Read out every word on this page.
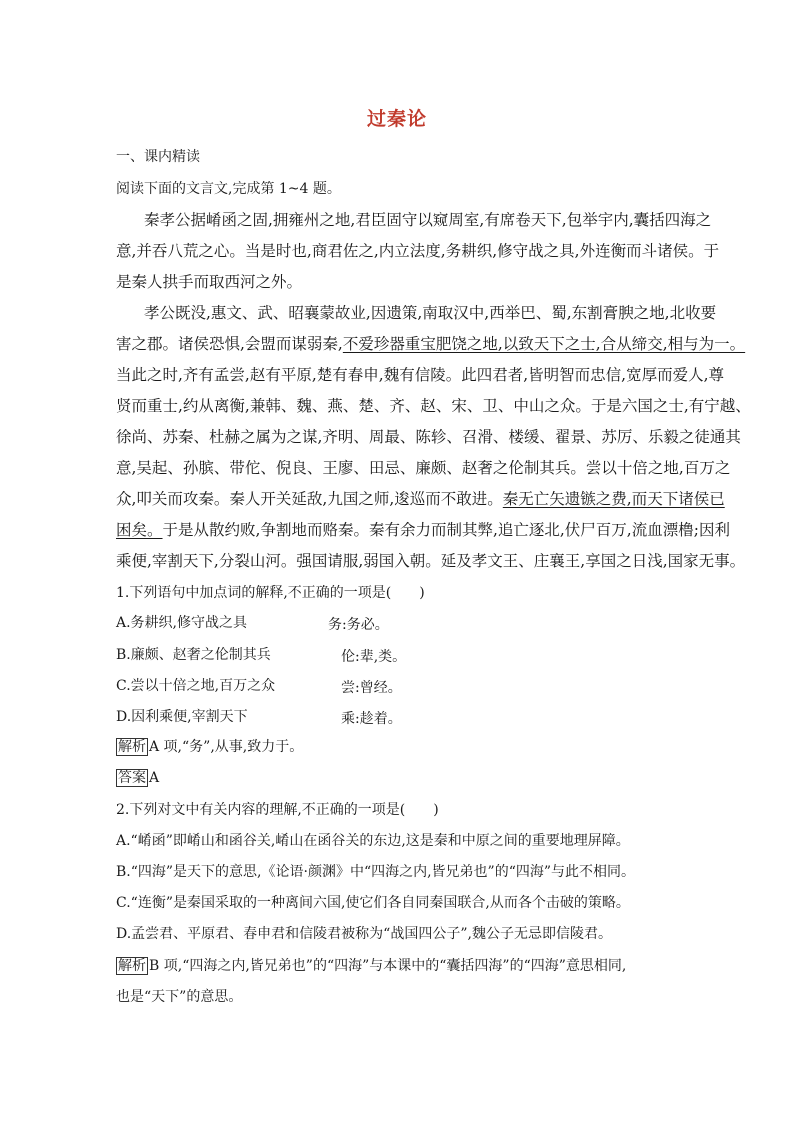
过秦论
一、课内精读
阅读下面的文言文,完成第 1~4 题。
秦孝公据崤函之固,拥雍州之地,君臣固守以窥周室,有席卷天下,包举宇内,囊括四海之
意,并吞八荒之心。当是时也,商君佐之,内立法度,务耕织,修守战之具,外连衡而斗诸侯。于
是秦人拱手而取西河之外。
孝公既没,惠文、武、昭襄蒙故业,因遗策,南取汉中,西举巴、蜀,东割膏腴之地,北收要
害之郡。诸侯恐惧,会盟而谋弱秦,不爱珍器重宝肥饶之地,以致天下之士,合从缔交,相与为一。
当此之时,齐有孟尝,赵有平原,楚有春申,魏有信陵。此四君者,皆明智而忠信,宽厚而爱人,尊
贤而重士,约从离衡,兼韩、魏、燕、楚、齐、赵、宋、卫、中山之众。于是六国之士,有宁越、
徐尚、苏秦、杜赫之属为之谋,齐明、周最、陈轸、召滑、楼缓、翟景、苏厉、乐毅之徒通其
意,吴起、孙膑、带佗、倪良、王廖、田忌、廉颇、赵奢之伦制其兵。尝以十倍之地,百万之
众,叩关而攻秦。秦人开关延敌,九国之师,逡巡而不敢进。秦无亡矢遗镞之费,而天下诸侯已
困矣。于是从散约败,争割地而赂秦。秦有余力而制其弊,追亡逐北,伏尸百万,流血漂橹;因利
乘便,宰割天下,分裂山河。强国请服,弱国入朝。延及孝文王、庄襄王,享国之日浅,国家无事。
1.下列语句中加点词的解释,不正确的一项是(　　)
A.务耕织,修守战之具	务:务必。
B.廉颇、赵奢之伦制其兵	伦:辈,类。
C.尝以十倍之地,百万之众	尝:曾经。
D.因利乘便,宰割天下	乘:趁着。
解析 A 项,“务”,从事,致力于。
答案 A
2.下列对文中有关内容的理解,不正确的一项是(　　)
A.“崤函”即崤山和函谷关,崤山在函谷关的东边,这是秦和中原之间的重要地理屏障。
B.“四海”是天下的意思,《论语·颜渊》中“四海之内,皆兄弟也”的“四海”与此不相同。
C.“连衡”是秦国采取的一种离间六国,使它们各自同秦国联合,从而各个击破的策略。
D.孟尝君、平原君、春申君和信陵君被称为“战国四公子”,魏公子无忌即信陵君。
解析 B 项,“四海之内,皆兄弟也”的“四海”与本课中的“囊括四海”的“四海”意思相同,
也是“天下”的意思。
